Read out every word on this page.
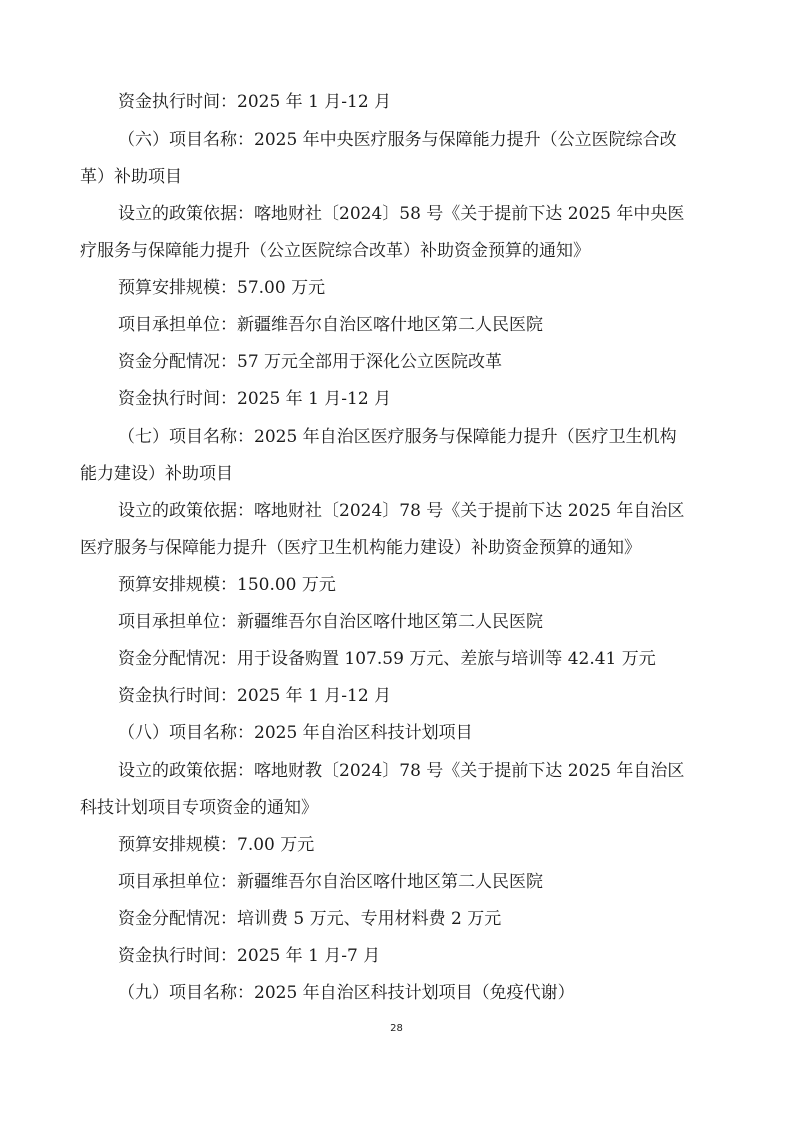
资金执行时间：2025 年 1 月-12 月
（六）项目名称：2025 年中央医疗服务与保障能力提升（公立医院综合改
革）补助项目
设立的政策依据：喀地财社〔2024〕58 号《关于提前下达 2025 年中央医
疗服务与保障能力提升（公立医院综合改革）补助资金预算的通知》
预算安排规模：57.00 万元
项目承担单位：新疆维吾尔自治区喀什地区第二人民医院
资金分配情况：57 万元全部用于深化公立医院改革
资金执行时间：2025 年 1 月-12 月
（七）项目名称：2025 年自治区医疗服务与保障能力提升（医疗卫生机构
能力建设）补助项目
设立的政策依据：喀地财社〔2024〕78 号《关于提前下达 2025 年自治区
医疗服务与保障能力提升（医疗卫生机构能力建设）补助资金预算的通知》
预算安排规模：150.00 万元
项目承担单位：新疆维吾尔自治区喀什地区第二人民医院
资金分配情况：用于设备购置 107.59 万元、差旅与培训等 42.41 万元
资金执行时间：2025 年 1 月-12 月
（八）项目名称：2025 年自治区科技计划项目
设立的政策依据：喀地财教〔2024〕78 号《关于提前下达 2025 年自治区
科技计划项目专项资金的通知》
预算安排规模：7.00 万元
项目承担单位：新疆维吾尔自治区喀什地区第二人民医院
资金分配情况：培训费 5 万元、专用材料费 2 万元
资金执行时间：2025 年 1 月-7 月
（九）项目名称：2025 年自治区科技计划项目（免疫代谢）
28
